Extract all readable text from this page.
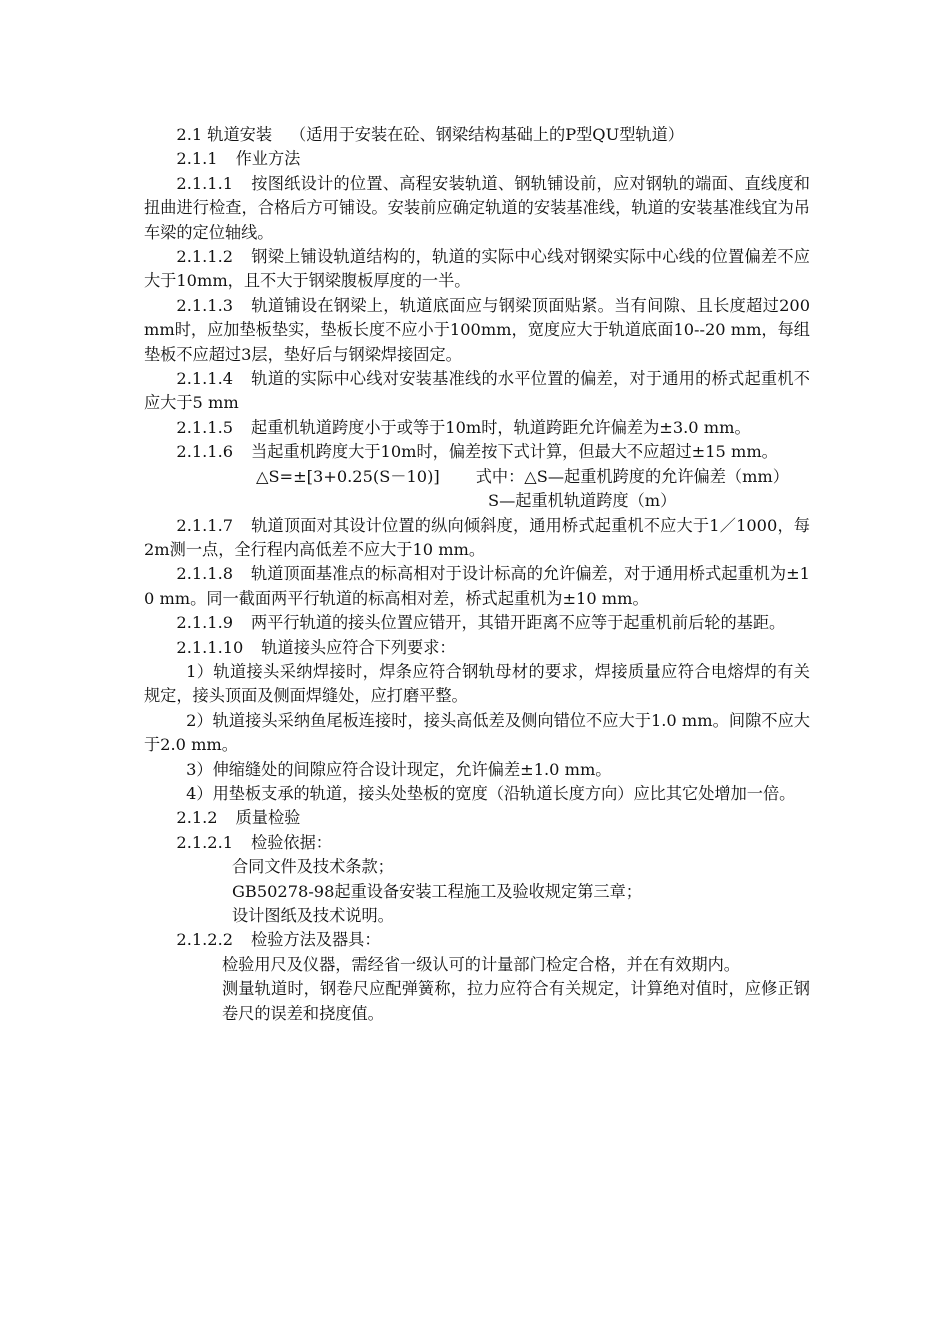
2.1 轨道安装 （适用于安装在砼、钢梁结构基础上的P型QU型轨道）

2.1.1 作业方法

2.1.1.1 按图纸设计的位置、高程安装轨道、钢轨铺设前，应对钢轨的端面、直线度和扭曲进行检查，合格后方可铺设。安装前应确定轨道的安装基准线，轨道的安装基准线宜为吊车梁的定位轴线。

2.1.1.2 钢梁上铺设轨道结构的，轨道的实际中心线对钢梁实际中心线的位置偏差不应大于10mm，且不大于钢梁腹板厚度的一半。

2.1.1.3 轨道铺设在钢梁上，轨道底面应与钢梁顶面贴紧。当有间隙、且长度超过200mm时，应加垫板垫实，垫板长度不应小于100mm，宽度应大于轨道底面10--20 mm，每组垫板不应超过3层，垫好后与钢梁焊接固定。

2.1.1.4 轨道的实际中心线对安装基准线的水平位置的偏差，对于通用的桥式起重机不应大于5 mm

2.1.1.5 起重机轨道跨度小于或等于10m时，轨道跨距允许偏差为±3.0 mm。

2.1.1.6 当起重机跨度大于10m时，偏差按下式计算，但最大不应超过±15 mm。

△S=±[3+0.25(S－10)] 式中：△S—起重机跨度的允许偏差（mm）

S—起重机轨道跨度（m）

2.1.1.7 轨道顶面对其设计位置的纵向倾斜度，通用桥式起重机不应大于1／1000，每2m测一点，全行程内高低差不应大于10 mm。

2.1.1.8 轨道顶面基准点的标高相对于设计标高的允许偏差，对于通用桥式起重机为±10 mm。同一截面两平行轨道的标高相对差，桥式起重机为±10 mm。

2.1.1.9 两平行轨道的接头位置应错开，其错开距离不应等于起重机前后轮的基距。

2.1.1.10 轨道接头应符合下列要求：

1）轨道接头采纳焊接时，焊条应符合钢轨母材的要求，焊接质量应符合电熔焊的有关规定，接头顶面及侧面焊缝处，应打磨平整。

2）轨道接头采纳鱼尾板连接时，接头高低差及侧向错位不应大于1.0 mm。间隙不应大于2.0 mm。

3）伸缩缝处的间隙应符合设计现定，允许偏差±1.0 mm。

4）用垫板支承的轨道，接头处垫板的宽度（沿轨道长度方向）应比其它处增加一倍。

2.1.2 质量检验

2.1.2.1 检验依据：

合同文件及技术条款；

GB50278-98起重设备安装工程施工及验收规定第三章；

设计图纸及技术说明。

2.1.2.2 检验方法及器具：

检验用尺及仪器，需经省一级认可的计量部门检定合格，并在有效期内。

测量轨道时，钢卷尺应配弹簧称，拉力应符合有关规定，计算绝对值时，应修正钢卷尺的误差和挠度值。
